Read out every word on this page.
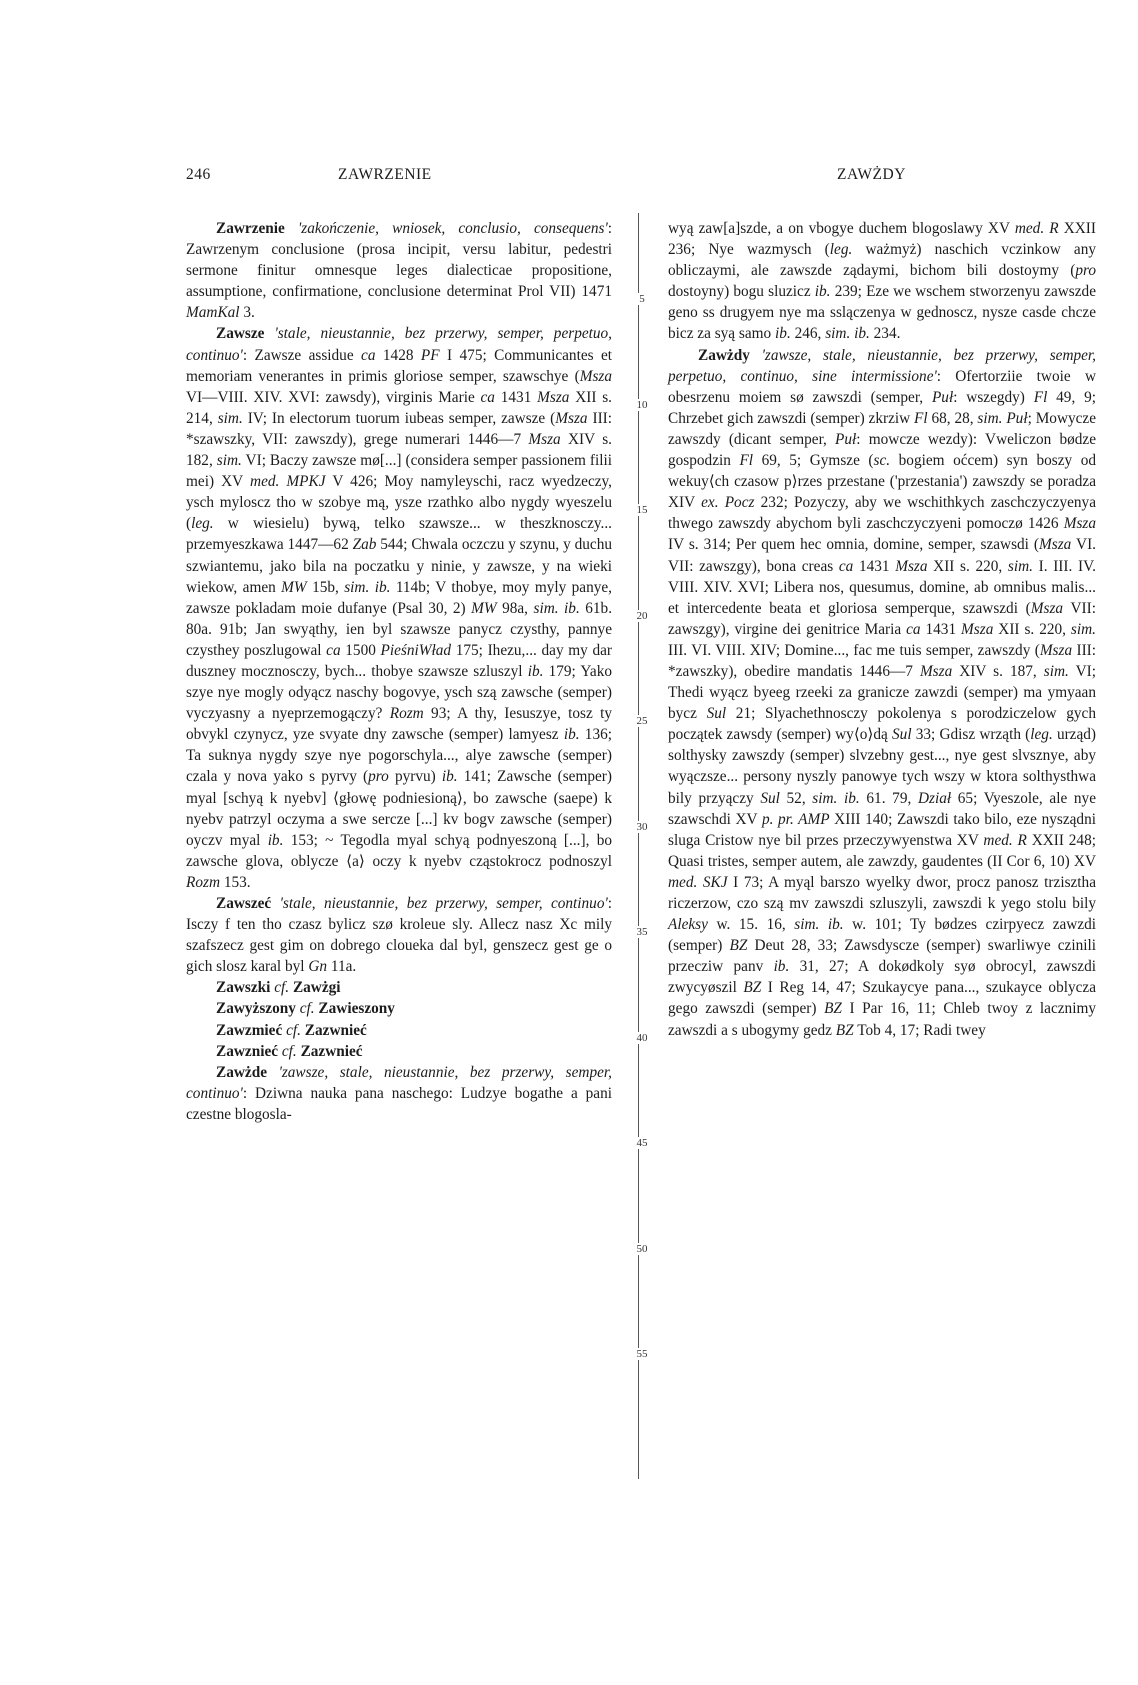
246	ZAWRZENIE	ZAWŻDY
5
10
15
20
25
30
35
40
45
50
55

Zawrzenie 'zakończenie, wniosek, conclusio, consequens': Zawrzenym conclusione (prosa incipit, versu labitur, pedestri sermone finitur omnesque leges dialecticae propositione, assumptione, confirmatione, conclusione determinat Prol VII) 1471 MamKal 3.

Zawsze 'stale, nieustannie, bez przerwy, semper, perpetuo, continuo': Zawsze assidue ca 1428 PF I 475; Communicantes et memoriam venerantes in primis gloriose semper, szawschye (Msza VI—VIII. XIV. XVI: zawsdy), virginis Marie ca 1431 Msza XII s. 214, sim. IV; In electorum tuorum iubeas semper, zawsze (Msza III: *szawszky, VII: zawszdy), grege numerari 1446—7 Msza XIV s. 182, sim. VI; Baczy zawsze mø[...] (considera semper passionem filii mei) XV med. MPKJ V 426; Moy namyleyschi, racz wyedzeczy, ysch myloscz tho w szobye mą, ysze rzathko albo nygdy wyeszelu (leg. w wiesielu) bywą, telko szawsze... w theszknosczy... przemyeszkawa 1447—62 Zab 544; Chwala oczczu y szynu, y duchu szwiantemu, jako bila na poczatku y ninie, y zawsze, y na wieki wiekow, amen MW 15b, sim. ib. 114b; V thobye, moy myly panye, zawsze pokladam moie dufanye (Psal 30, 2) MW 98a, sim. ib. 61b. 80a. 91b; Jan swyąthy, ien byl szawsze panycz czysthy, pannye czysthey poszlugowal ca 1500 PieśniWład 175; Ihezu,... day my dar duszney mocznosczy, bych... thobye szawsze szluszyl ib. 179; Yako szye nye mogly odyącz naschy bogovye, ysch szą zawsche (semper) vyczyasny a nyeprzemogączy? Rozm 93; A thy, Iesuszye, tosz ty obvykl czynycz, yze svyate dny zawsche (semper) lamyesz ib. 136; Ta suknya nygdy szye nye pogorschyla..., alye zawsche (semper) czala y nova yako s pyrvy (pro pyrvu) ib. 141; Zawsche (semper) myal [schyą k nyebv] ⟨głowę podniesioną⟩, bo zawsche (saepe) k nyebv patrzyl oczyma a swe sercze [...] kv bogv zawsche (semper) oyczv myal ib. 153; ~ Tegodla myal schyą podnyeszoną [...], bo zawsche glova, oblycze ⟨a⟩ oczy k nyebv cząstokrocz podnoszyl Rozm 153.

Zawszeć 'stale, nieustannie, bez przerwy, semper, continuo': Isczy f ten tho czasz bylicz szø kroleue sly. Allecz nasz Xc mily szafszecz gest gim on dobrego cloueka dal byl, genszecz gest ge o gich slosz karal byl Gn 11a.

Zawszki cf. Zawżgi

Zawyższony cf. Zawieszony

Zawzmieć cf. Zazwnieć

Zawznieć cf. Zazwnieć

Zawżde 'zawsze, stale, nieustannie, bez przerwy, semper, continuo': Dziwna nauka pana naschego: Ludzye bogathe a pani czestne blogosla-

wyą zaw[a]szde, a on vbogye duchem blogoslawy XV med. R XXII 236; Nye wazmysch (leg. ważmyż) naschich vczinkow any obliczaymi, ale zawszde ządaymi, bichom bili dostoymy (pro dostoyny) bogu sluzicz ib. 239; Eze we wschem stworzenyu zawszde geno ss drugyem nye ma sslączenya w gednoscz, nysze casde chcze bicz za syą samo ib. 246, sim. ib. 234.

Zawżdy 'zawsze, stale, nieustannie, bez przerwy, semper, perpetuo, continuo, sine intermissione': Ofertorziie twoie w obesrzenu moiem sø zawszdi (semper, Puł: wszegdy) Fl 49, 9; Chrzebet gich zawszdi (semper) zkrziw Fl 68, 28, sim. Puł; Mowycze zawszdy (dicant semper, Puł: mowcze wezdy): Vweliczon bødze gospodzin Fl 69, 5; Gymsze (sc. bogiem oćcem) syn boszy od wekuy⟨ch czasow p⟩rzes przestane ('przestania') zawszdy se poradza XIV ex. Pocz 232; Pozyczy, aby we wschithkych zaschczyczyenya thwego zawszdy abychom byli zaschczyczyeni pomoczø 1426 Msza IV s. 314; Per quem hec omnia, domine, semper, szawsdi (Msza VI. VII: zawszgy), bona creas ca 1431 Msza XII s. 220, sim. I. III. IV. VIII. XIV. XVI; Libera nos, quesumus, domine, ab omnibus malis... et intercedente beata et gloriosa semperque, szawszdi (Msza VII: zawszgy), virgine dei genitrice Maria ca 1431 Msza XII s. 220, sim. III. VI. VIII. XIV; Domine..., fac me tuis semper, zawszdy (Msza III: *zawszky), obedire mandatis 1446—7 Msza XIV s. 187, sim. VI; Thedi wyącz byeeg rzeeki za granicze zawzdi (semper) ma ymyaan bycz Sul 21; Slyachethnosczy pokolenya s porodziczelow gych początek zawsdy (semper) wy⟨o⟩dą Sul 33; Gdisz wrząth (leg. urząd) solthysky zawszdy (semper) slvzebny gest..., nye gest slvsznye, aby wyączsze... persony nyszly panowye tych wszy w ktora solthysthwa bily przyączy Sul 52, sim. ib. 61. 79, Dział 65; Vyeszole, ale nye szawschdi XV p. pr. AMP XIII 140; Zawszdi tako bilo, eze nysządni sluga Cristow nye bil przes przeczywyenstwa XV med. R XXII 248; Quasi tristes, semper autem, ale zawzdy, gaudentes (II Cor 6, 10) XV med. SKJ I 73; A myąl barszo wyelky dwor, procz panosz trzisztha riczerzow, czo szą mv zawszdi szluszyli, zawszdi k yego stolu bily Aleksy w. 15. 16, sim. ib. w. 101; Ty bødzes czirpyecz zawzdi (semper) BZ Deut 28, 33; Zawsdyscze (semper) swarliwye czinili przecziw panv ib. 31, 27; A dokødkoly syø obrocyl, zawszdi zwycyøszil BZ I Reg 14, 47; Szukaycye pana..., szukayce oblycza gego zawszdi (semper) BZ I Par 16, 11; Chleb twoy z lacznimy zawszdi a s ubogymy gedz BZ Tob 4, 17; Radi twey
